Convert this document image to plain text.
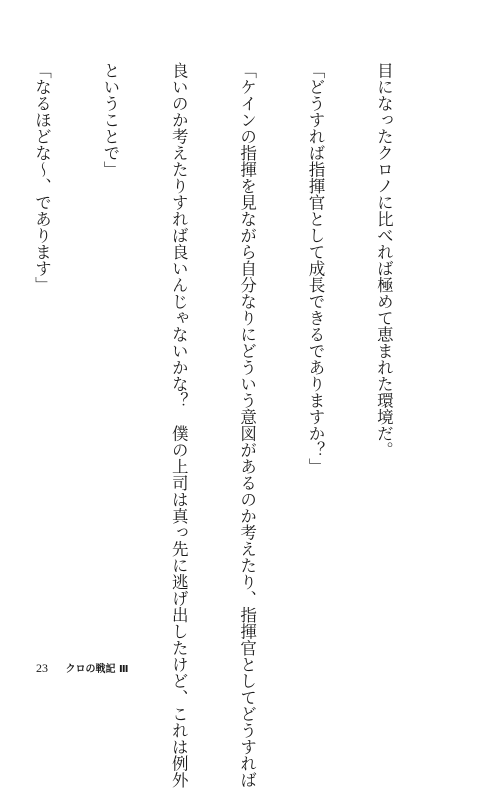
目になったクロノに比べれば極めて恵まれた環境だ。

「どうすれば指揮官として成長できるでありますか？」

「ケインの指揮を見ながら自分なりにどういう意図があるのか考えたり、指揮官としてどうすれば

良いのか考えたりすれば良いんじゃないかな？　僕の上司は真っ先に逃げ出したけど、これは例外

ということで」

「なるほどな～、であります」

23 クロの戦記 Ⅲ
